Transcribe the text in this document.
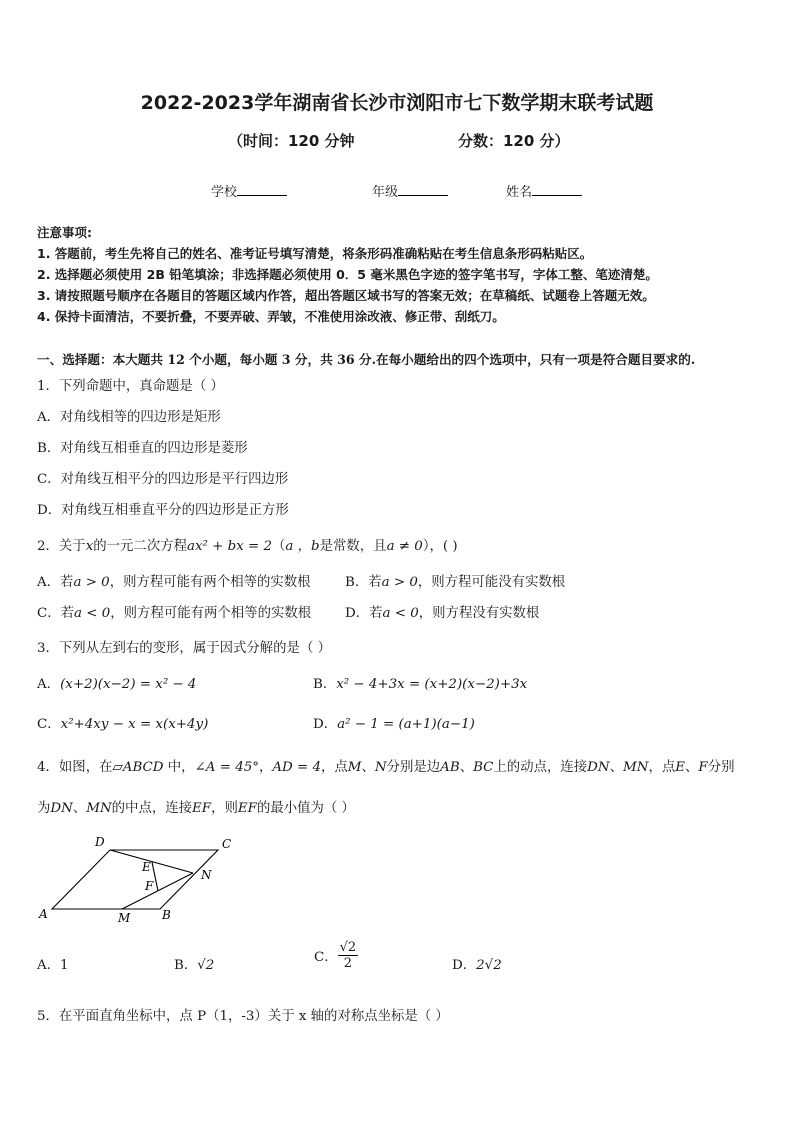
2022-2023学年湖南省长沙市浏阳市七下数学期末联考试题
（时间：120 分钟	分数：120 分）
学校	年级	姓名
注意事项:
1. 答题前，考生先将自己的姓名、准考证号填写清楚，将条形码准确粘贴在考生信息条形码粘贴区。
2. 选择题必须使用 2B 铅笔填涂；非选择题必须使用 0．5 毫米黑色字迹的签字笔书写，字体工整、笔迹清楚。
3. 请按照题号顺序在各题目的答题区域内作答，超出答题区域书写的答案无效；在草稿纸、试题卷上答题无效。
4. 保持卡面清洁，不要折叠，不要弄破、弄皱，不准使用涂改液、修正带、刮纸刀。
一、选择题：本大题共 12 个小题，每小题 3 分，共 36 分.在每小题给出的四个选项中，只有一项是符合题目要求的.
1．下列命题中，真命题是（ ）
A．对角线相等的四边形是矩形
B．对角线互相垂直的四边形是菱形
C．对角线互相平分的四边形是平行四边形
D．对角线互相垂直平分的四边形是正方形
2．关于x的一元二次方程ax² + bx = 2（a ，b是常数，且a ≠ 0），( )
A．若a > 0，则方程可能有两个相等的实数根	B．若a > 0，则方程可能没有实数根
C．若a < 0，则方程可能有两个相等的实数根	D．若a < 0，则方程没有实数根
3．下列从左到右的变形，属于因式分解的是（ ）
A．(x+2)(x−2) = x² − 4	B．x² − 4+3x = (x+2)(x−2)+3x
C．x²+4xy − x = x(x+4y)	D．a² − 1 = (a+1)(a−1)
4．如图，在▱ABCD 中，∠A = 45°，AD = 4，点M、N分别是边AB、BC上的动点，连接DN、MN，点E、F分别
为DN、MN的中点，连接EF，则EF的最小值为（ ）
A	B
C
D
E
F
M
N
A．1	B．√2
C． $\frac{√2}{2}$	D．2√2
5．在平面直角坐标中，点 P（1，-3）关于 x 轴的对称点坐标是（ ）
